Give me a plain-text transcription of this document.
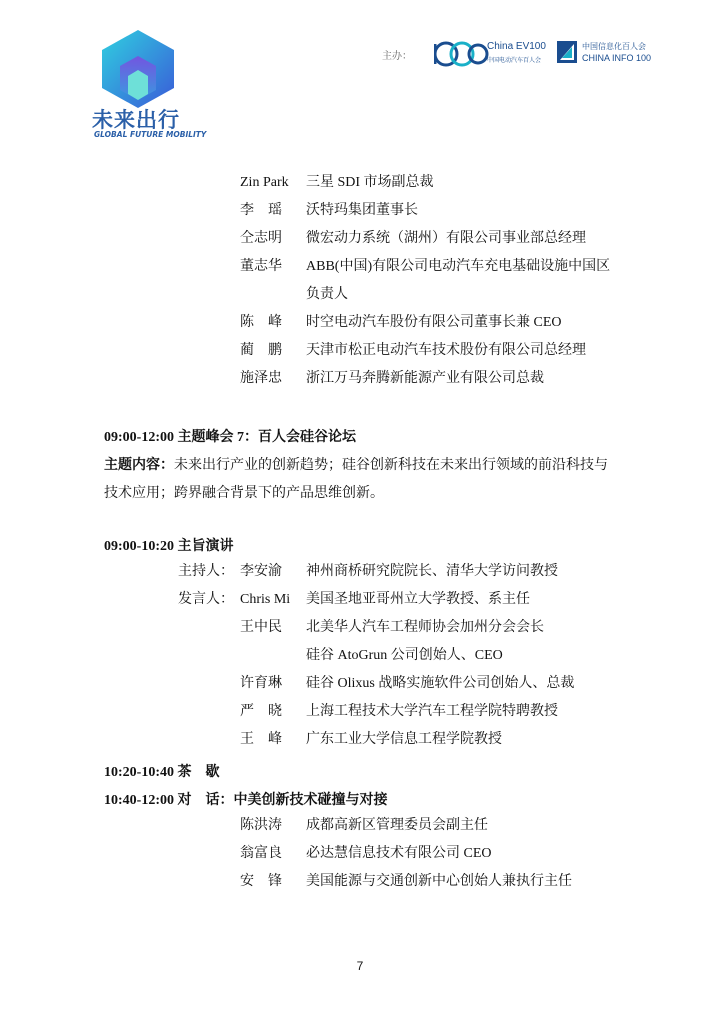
未来出行
GLOBAL FUTURE MOBILITY
主办：
China EV100
中国电动汽车百人会
中国信息化百人会
CHINA INFO 100
Zin Park 三星 SDI 市场副总裁
李　瑶 沃特玛集团董事长
仝志明 微宏动力系统（湖州）有限公司事业部总经理
董志华 ABB(中国)有限公司电动汽车充电基础设施中国区
负责人
陈　峰 时空电动汽车股份有限公司董事长兼 CEO
蔺　鹏 天津市松正电动汽车技术股份有限公司总经理
施泽忠 浙江万马奔腾新能源产业有限公司总裁
09:00-12:00 主题峰会 7：百人会硅谷论坛
主题内容：未来出行产业的创新趋势；硅谷创新科技在未来出行领域的前沿科技与
技术应用；跨界融合背景下的产品思维创新。
09:00-10:20 主旨演讲
主持人： 李安渝 神州商桥研究院院长、清华大学访问教授
发言人： Chris Mi 美国圣地亚哥州立大学教授、系主任
王中民 北美华人汽车工程师协会加州分会会长
硅谷 AtoGrun 公司创始人、CEO
许育琳 硅谷 Olixus 战略实施软件公司创始人、总裁
严　晓 上海工程技术大学汽车工程学院特聘教授
王　峰 广东工业大学信息工程学院教授
10:20-10:40 茶　歇
10:40-12:00 对　话：中美创新技术碰撞与对接
陈洪涛 成都高新区管理委员会副主任
翁富良 必达慧信息技术有限公司 CEO
安　锋 美国能源与交通创新中心创始人兼执行主任
7
